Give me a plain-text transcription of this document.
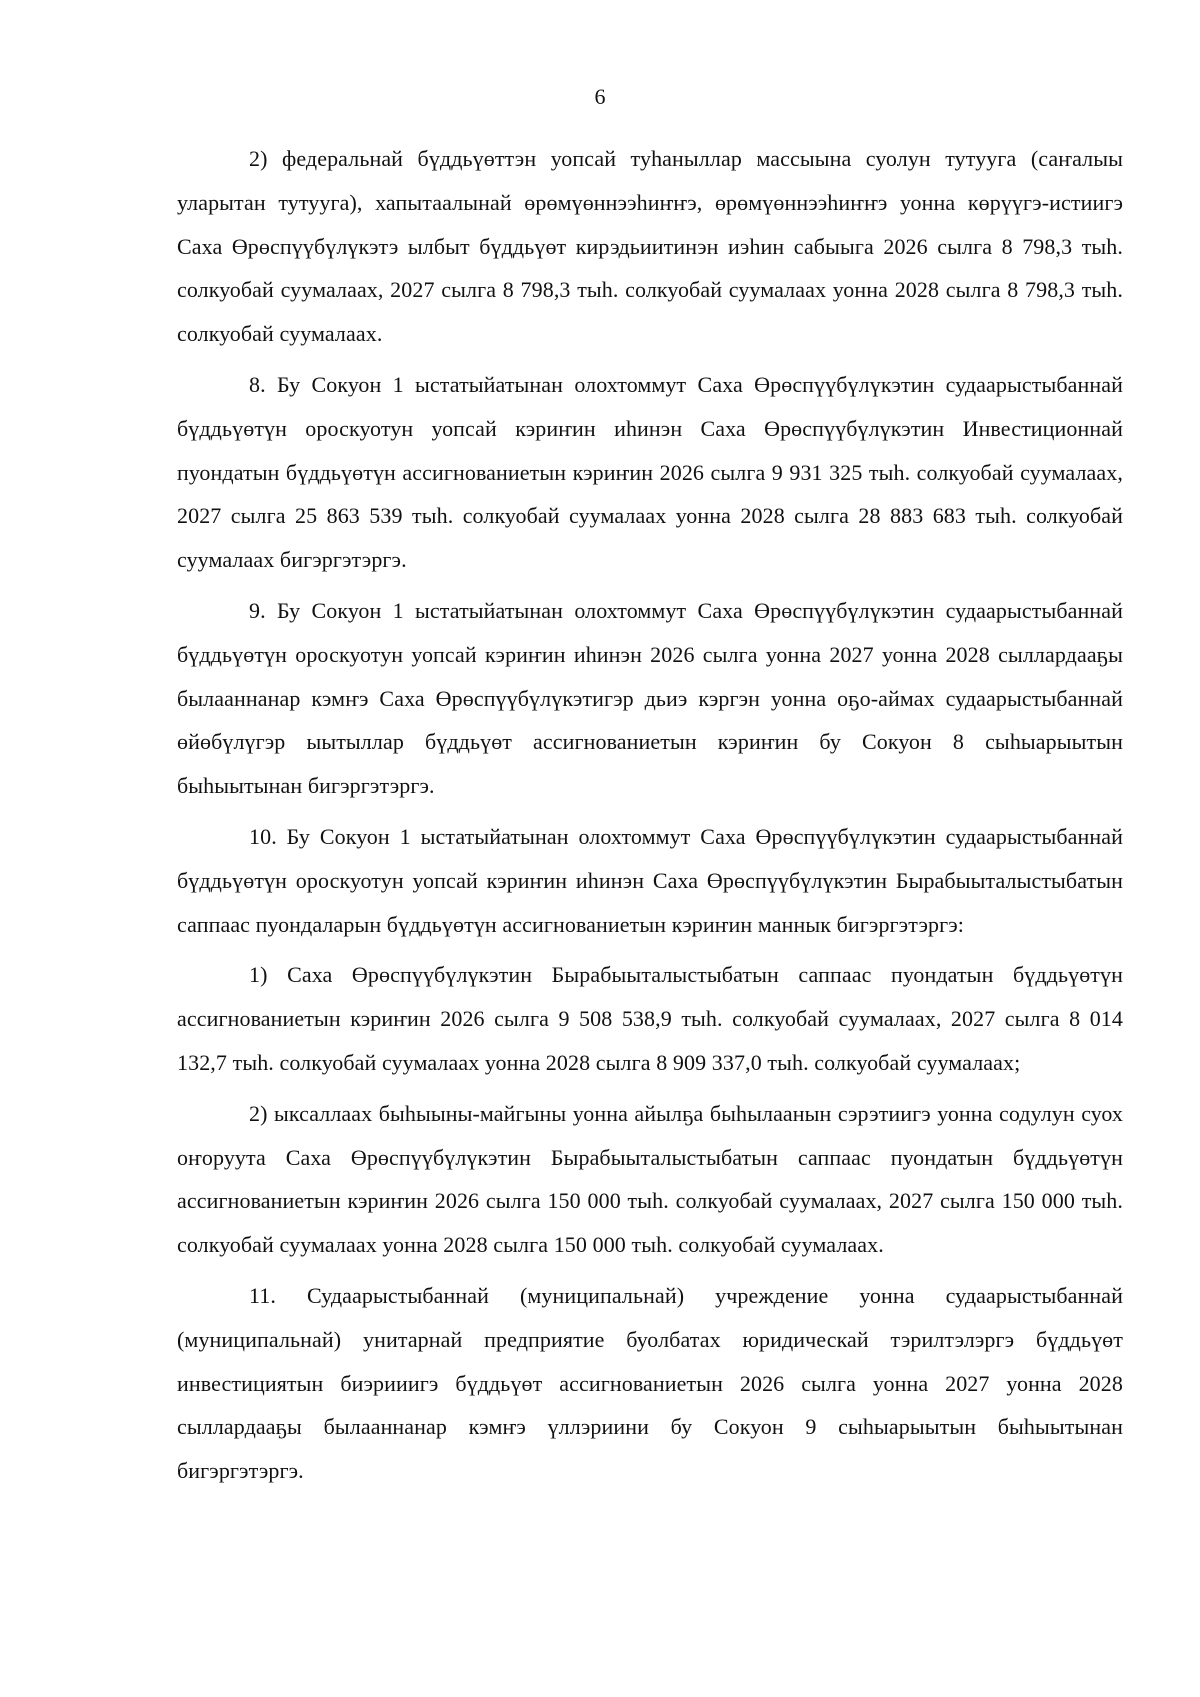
6

2) федеральнай бүддьүөттэн уопсай туһаныллар массыына суолун тутууга (саҥалыы уларытан тутууга), хапытаалынай өрөмүөннээһиҥҥэ, өрөмүөннээһиҥҥэ уонна көрүүгэ-истиигэ Саха Өрөспүүбүлүкэтэ ылбыт бүддьүөт кирэдьиитинэн иэһин сабыыга 2026 сылга 8 798,3 тыһ. солкуобай суумалаах, 2027 сылга 8 798,3 тыһ. солкуобай суумалаах уонна 2028 сылга 8 798,3 тыһ. солкуобай суумалаах.

8. Бу Сокуон 1 ыстатыйатынан олохтоммут Саха Өрөспүүбүлүкэтин судаарыстыбаннай бүддьүөтүн ороскуотун уопсай кэриҥин иһинэн Саха Өрөспүүбүлүкэтин Инвестиционнай пуондатын бүддьүөтүн ассигнованиетын кэриҥин 2026 сылга 9 931 325 тыһ. солкуобай суумалаах, 2027 сылга 25 863 539 тыһ. солкуобай суумалаах уонна 2028 сылга 28 883 683 тыһ. солкуобай суумалаах бигэргэтэргэ.

9. Бу Сокуон 1 ыстатыйатынан олохтоммут Саха Өрөспүүбүлүкэтин судаарыстыбаннай бүддьүөтүн ороскуотун уопсай кэриҥин иһинэн 2026 сылга уонна 2027 уонна 2028 сыллардааҕы былааннанар кэмҥэ Саха Өрөспүүбүлүкэтигэр дьиэ кэргэн уонна оҕо-аймах судаарыстыбаннай өйөбүлүгэр ыытыллар бүддьүөт ассигнованиетын кэриҥин бу Сокуон 8 сыһыарыытын быһыытынан бигэргэтэргэ.

10. Бу Сокуон 1 ыстатыйатынан олохтоммут Саха Өрөспүүбүлүкэтин судаарыстыбаннай бүддьүөтүн ороскуотун уопсай кэриҥин иһинэн Саха Өрөспүүбүлүкэтин Бырабыыталыстыбатын саппаас пуондаларын бүддьүөтүн ассигнованиетын кэриҥин маннык бигэргэтэргэ:

1) Саха Өрөспүүбүлүкэтин Бырабыыталыстыбатын саппаас пуондатын бүддьүөтүн ассигнованиетын кэриҥин 2026 сылга 9 508 538,9 тыһ. солкуобай суумалаах, 2027 сылга 8 014 132,7 тыһ. солкуобай суумалаах уонна 2028 сылга 8 909 337,0 тыһ. солкуобай суумалаах;

2) ыксаллаах быһыыны-майгыны уонна айылҕа быһылаанын сэрэтиигэ уонна содулун суох оҥоруута Саха Өрөспүүбүлүкэтин Бырабыыталыстыбатын саппаас пуондатын бүддьүөтүн ассигнованиетын кэриҥин 2026 сылга 150 000 тыһ. солкуобай суумалаах, 2027 сылга 150 000 тыһ. солкуобай суумалаах уонна 2028 сылга 150 000 тыһ. солкуобай суумалаах.

11. Судаарыстыбаннай (муниципальнай) учреждение уонна судаарыстыбаннай (муниципальнай) унитарнай предприятие буолбатах юридическай тэрилтэлэргэ бүддьүөт инвестициятын биэрииигэ бүддьүөт ассигнованиетын 2026 сылга уонна 2027 уонна 2028 сыллардааҕы былааннанар кэмҥэ үллэриини бу Сокуон 9 сыһыарыытын быһыытынан бигэргэтэргэ.
